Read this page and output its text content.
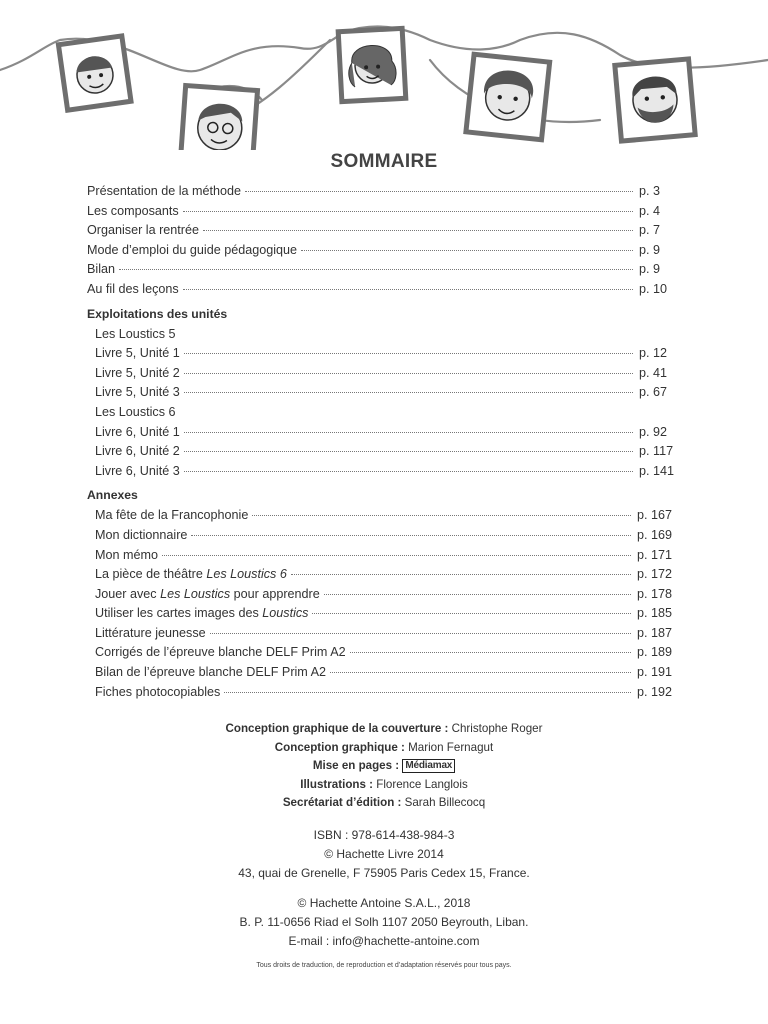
SOMMAIRE
Présentation de la méthode	p. 3
Les composants	p. 4
Organiser la rentrée	p. 7
Mode d’emploi du guide pédagogique	p. 9
Bilan	p. 9
Au fil des leçons	p. 10
Exploitations des unités
Les Loustics 5
Livre 5, Unité 1	p. 12
Livre 5, Unité 2	p. 41
Livre 5, Unité 3	p. 67
Les Loustics 6
Livre 6, Unité 1	p. 92
Livre 6, Unité 2	p. 117
Livre 6, Unité 3	p. 141
Annexes
Ma fête de la Francophonie	p. 167
Mon dictionnaire	p. 169
Mon mémo	p. 171
La pièce de théâtre Les Loustics 6	p. 172
Jouer avec Les Loustics pour apprendre	p. 178
Utiliser les cartes images des Loustics	p. 185
Littérature jeunesse	p. 187
Corrigés de l’épreuve blanche DELF Prim A2	p. 189
Bilan de l’épreuve blanche DELF Prim A2	p. 191
Fiches photocopiables	p. 192
Conception graphique de la couverture : Christophe Roger
Conception graphique : Marion Fernagut
Mise en pages : Médiamax
Illustrations : Florence Langlois
Secrétariat d’édition : Sarah Billecocq
ISBN : 978-614-438-984-3
© Hachette Livre 2014
43, quai de Grenelle, F 75905 Paris Cedex 15, France.
© Hachette Antoine S.A.L., 2018
B. P. 11-0656 Riad el Solh 1107 2050 Beyrouth, Liban.
E-mail : info@hachette-antoine.com
Tous droits de traduction, de reproduction et d’adaptation réservés pour tous pays.
